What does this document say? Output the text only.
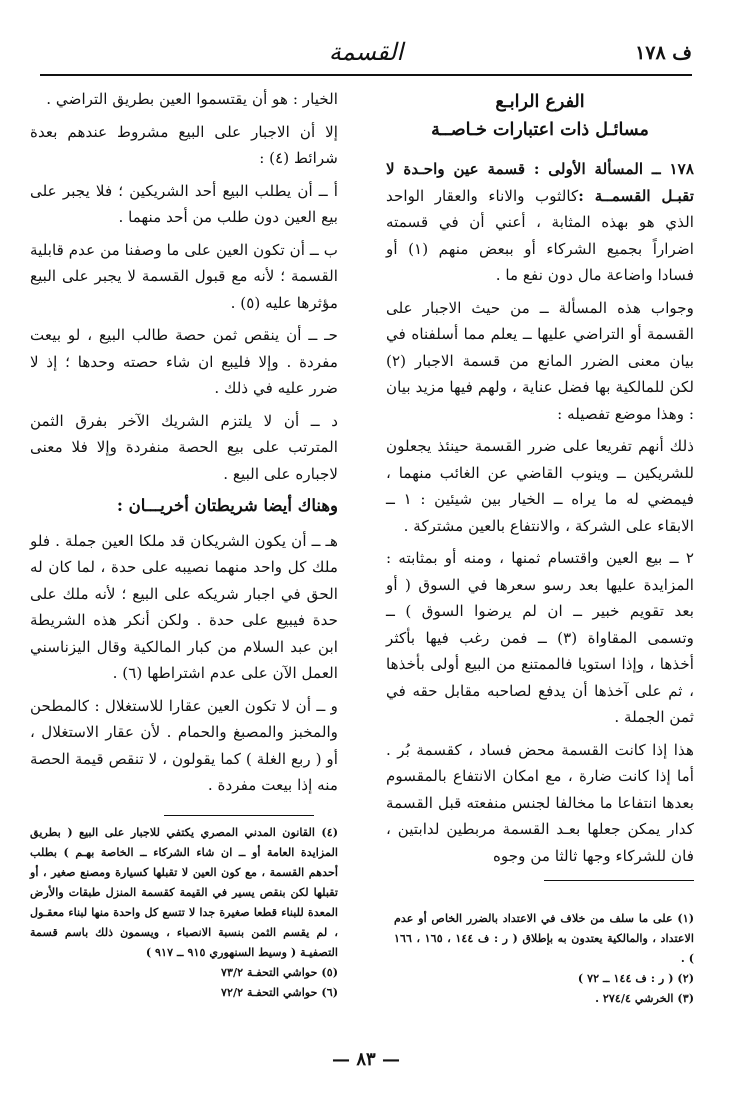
ف ۱۷۸
القسمة

الفرع الرابـع

مسائـل ذات اعتبارات خـاصــة

۱۷۸ ــ المسألة الأولى : قسمة عين واحـدة لا تقبـل القسمــة :كالثوب والاناء والعقار الواحد الذي هو بهذه المثابة ، أعني أن في قسمته اضراراً بجميع الشركاء أو ببعض منهم (۱) أو فسادا واضاعة مال دون نفع ما .

وجواب هذه المسألة ــ من حيث الاجبار على القسمة أو التراضي عليها ــ يعلم مما أسلفناه في بيان معنى الضرر المانع من قسمة الاجبار (۲) لكن للمالكية بها فضل عناية ، ولهم فيها مزيد بيان : وهذا موضع تفصيله :

ذلك أنهم تفريعا على ضرر القسمة حينئذ يجعلون للشريكين ــ وينوب القاضي عن الغائب منهما ، فيمضي له ما يراه ــ الخيار بين شيئين : ۱ ــ الابقاء على الشركة ، والانتفاع بالعين مشتركة .

۲ ــ بيع العين واقتسام ثمنها ، ومنه أو بمثابته : المزايدة عليها بعد رسو سعرها في السوق ( أو بعد تقويم خبير ــ ان لم يرضوا السوق ) ــ وتسمى المقاواة (۳) ــ فمن رغب فيها بأكثر أخذها ، وإذا استويا فالممتنع من البيع أولى بأخذها ، ثم على آخذها أن يدفع لصاحبه مقابل حقه في ثمن الجملة .

هذا إذا كانت القسمة محض فساد ، كقسمة بُر . أما إذا كانت ضارة ، مع امكان الانتفاع بالمقسوم بعدها انتفاعا ما مخالفا لجنس منفعته قبل القسمة كدار يمكن جعلها بعـد القسمة مربطين لدابتين ، فان للشركاء وجها ثالثا من وجوه

(۱) على ما سلف من خلاف في الاعتداد بالضرر الخاص أو عدم الاعتداد ، والمالكية يعتدون به بإطلاق ( ر : ف ۱٤٤ ، ۱٦٥ ، ۱٦٦ ) .
(۲) ( ر : ف ۱٤٤ ــ ۷۲ )
(۳) الخرشي ۲۷٤/٤ .

الخيار : هو أن يقتسموا العين بطريق التراضي .

إلا أن الاجبار على البيع مشروط عندهم بعدة شرائط (٤) :

أ ــ أن يطلب البيع أحد الشريكين ؛ فلا يجبر على بيع العين دون طلب من أحد منهما .

ب ــ أن تكون العين على ما وصفنا من عدم قابلية القسمة ؛ لأنه مع قبول القسمة لا يجبر على البيع مؤثرها عليه (٥) .

حـ ــ أن ينقص ثمن حصة طالب البيع ، لو بيعت مفردة . وإلا فليبع ان شاء حصته وحدها ؛ إذ لا ضرر عليه في ذلك .

د ــ أن لا يلتزم الشريك الآخر بفرق الثمن المترتب على بيع الحصة منفردة وإلا فلا معنى لاجباره على البيع .

وهناك أيضا شريطتان أخريـــان :

هـ ــ أن يكون الشريكان قد ملكا العين جملة . فلو ملك كل واحد منهما نصيبه على حدة ، لما كان له الحق في اجبار شريكه على البيع ؛ لأنه ملك على حدة فيبيع على حدة . ولكن أنكر هذه الشريطة ابن عبد السلام من كبار المالكية وقال اليزناسني العمل الآن على عدم اشتراطها (٦) .

و ــ أن لا تكون العين عقارا للاستغلال : كالمطحن والمخبز والمصبغ والحمام . لأن عقار الاستغلال ، أو ( ربع الغلة ) كما يقولون ، لا تنقص قيمة الحصة منه إذا بيعت مفردة .

(٤) القانون المدني المصري يكتفي للاجبار على البيع ( بطريق المزايدة العامة أو ــ ان شاء الشركاء ــ الخاصة بهـم ) بطلب أحدهم القسمة ، مع كون العين لا تقبلها كسيارة ومصنع صغير ، أو تقبلها لكن بنقص يسير في القيمة كقسمة المنزل طبقات والأرض المعدة للبناء قطعا صغيرة جدا لا تتسع كل واحدة منها لبناء معقـول ، لم يقسم الثمن بنسبة الانصباء ، ويسمون ذلك باسم قسمة التصفيـة ( وسيط السنهوري ۹۱٥ ــ ۹۱۷ )
(٥) حواشي التحفـة ۷۳/۲
(٦) حواشي التحفـة ۷۲/۲
— ۸۳ —
